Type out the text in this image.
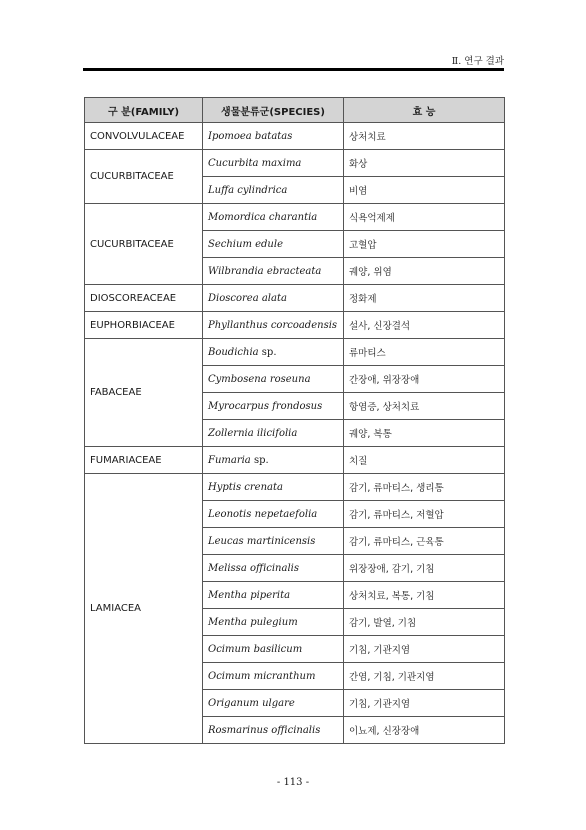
Ⅱ. 연구 결과
구 분(FAMILY)	생물분류군(SPECIES)	효 능
CONVOLVULACEAE	Ipomoea batatas	상처치료
CUCURBITACEAE	Cucurbita maxima	화상
	Luffa cylindrica	비염
CUCURBITACEAE	Momordica charantia	식욕억제제
	Sechium edule	고혈압
	Wilbrandia ebracteata	궤양, 위염
DIOSCOREACEAE	Dioscorea alata	정화제
EUPHORBIACEAE	Phyllanthus corcoadensis	설사, 신장결석
FABACEAE	Boudichia sp.	류마티스
	Cymbosena roseuna	간장애, 위장장애
	Myrocarpus frondosus	항염증, 상처치료
	Zollernia ilicifolia	궤양, 복통
FUMARIACEAE	Fumaria sp.	치질
LAMIACEA	Hyptis crenata	감기, 류마티스, 생리통
	Leonotis nepetaefolia	감기, 류마티스, 저혈압
	Leucas martinicensis	감기, 류마티스, 근육통
	Melissa officinalis	위장장애, 감기, 기침
	Mentha piperita	상처치료, 복통, 기침
	Mentha pulegium	감기, 발열, 기침
	Ocimum basilicum	기침, 기관지염
	Ocimum micranthum	간염, 기침, 기관지염
	Origanum ulgare	기침, 기관지염
	Rosmarinus officinalis	이뇨제, 신장장애
- 113 -
